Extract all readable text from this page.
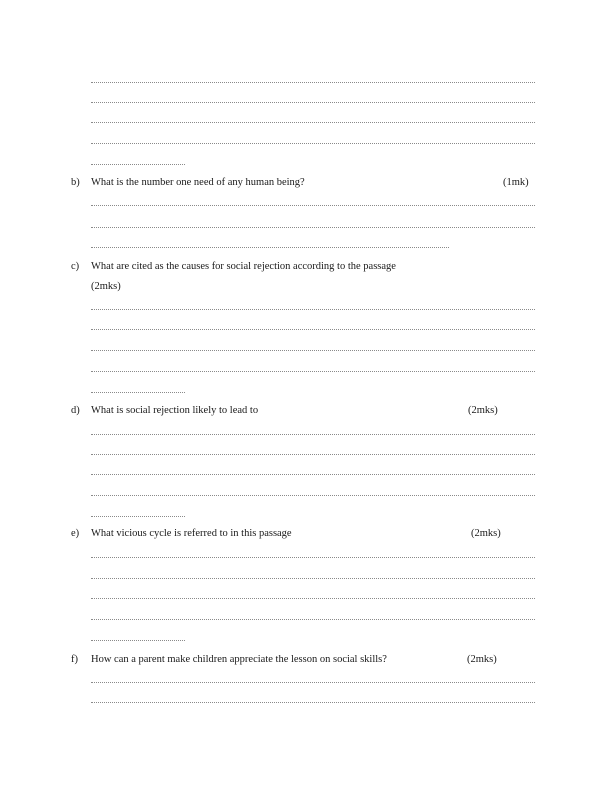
b) What is the number one need of any human being?	(1mk)
c) What are cited as the causes for social rejection according to the passage
(2mks)
d) What is social rejection likely to lead to	(2mks)
e) What vicious cycle is referred to in this passage	(2mks)
f) How can a parent make children appreciate the lesson on social skills?	(2mks)
